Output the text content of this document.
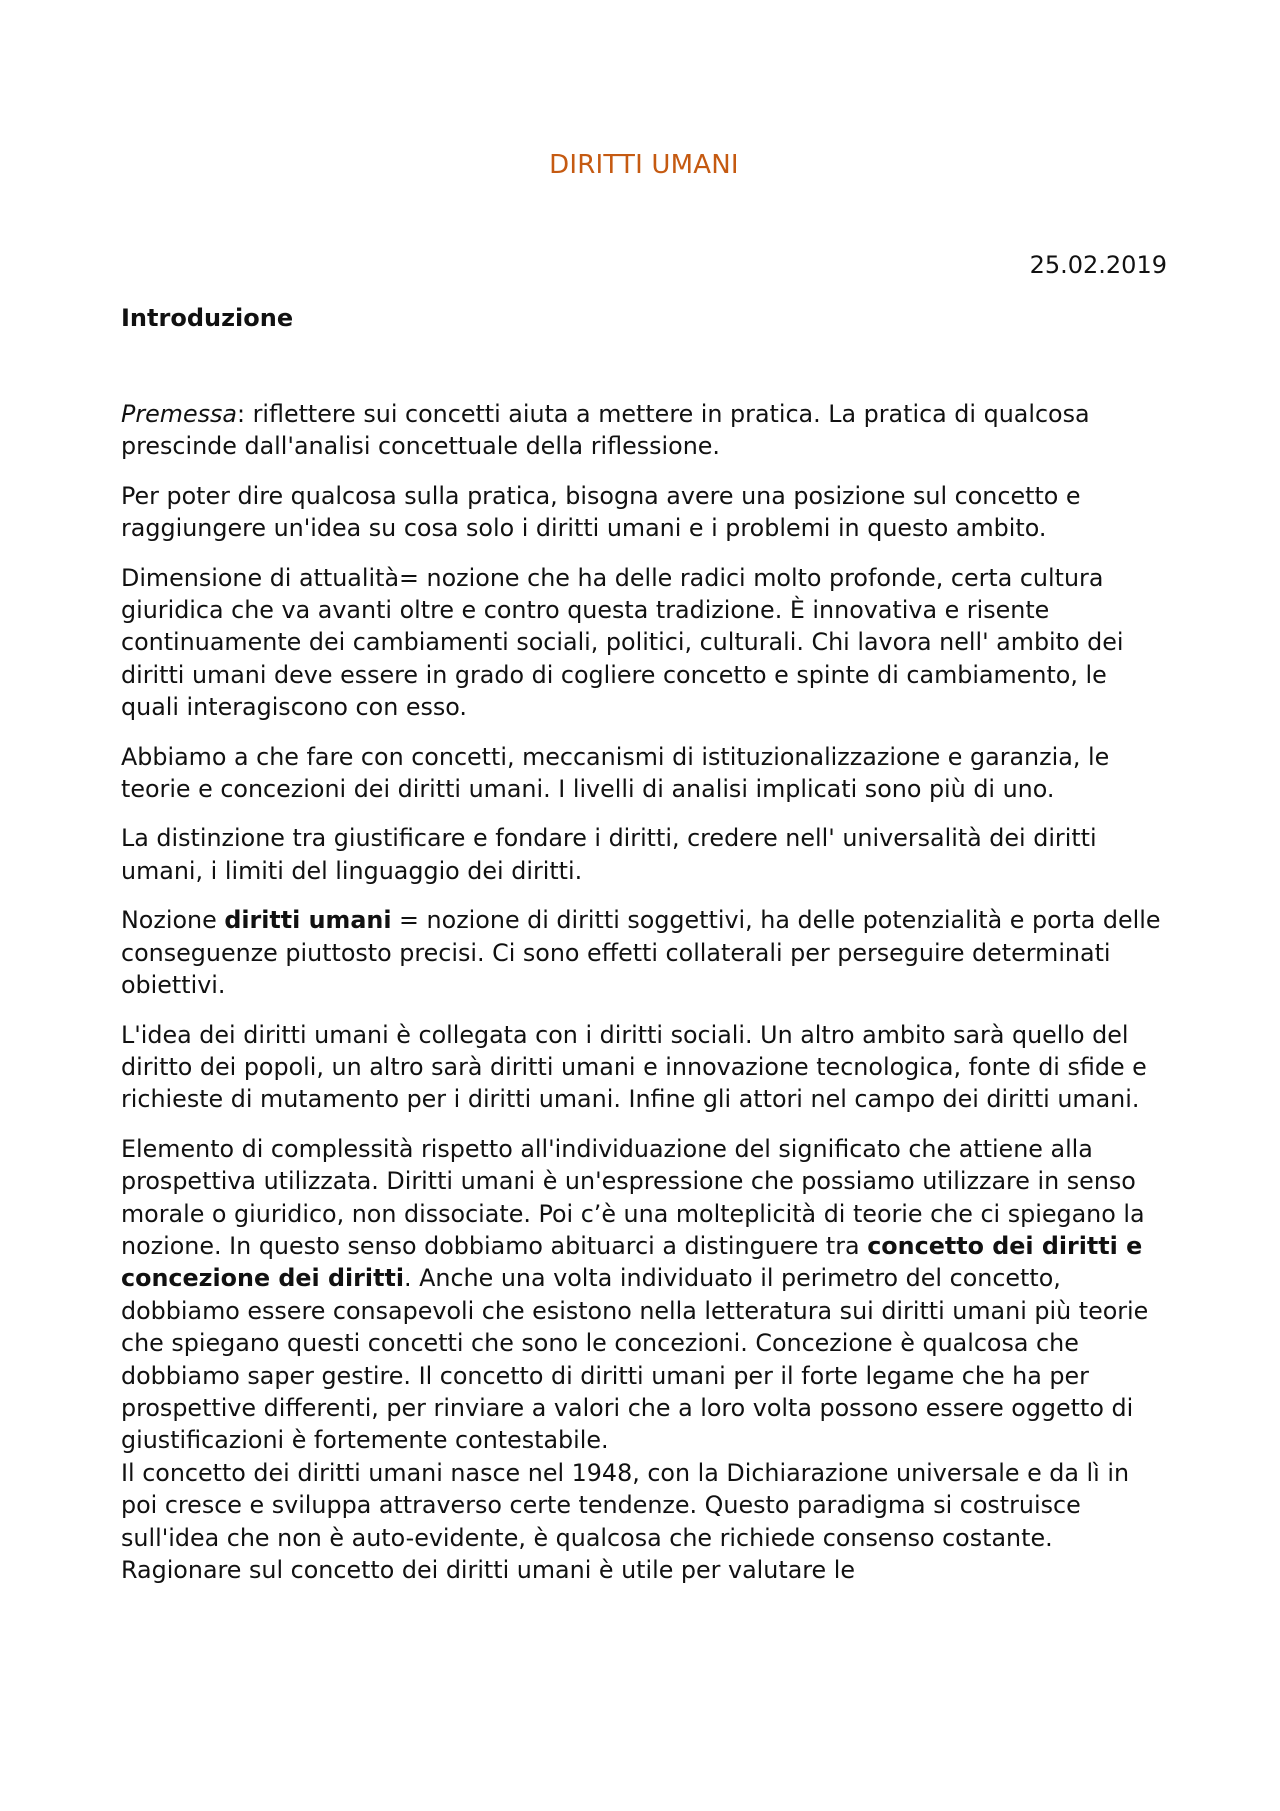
DIRITTI UMANI
25.02.2019
Introduzione

Premessa: riflettere sui concetti aiuta a mettere in pratica. La pratica di qualcosa prescinde dall'analisi concettuale della riflessione.

Per poter dire qualcosa sulla pratica, bisogna avere una posizione sul concetto e raggiungere un'idea su cosa solo i diritti umani e i problemi in questo ambito.

Dimensione di attualità= nozione che ha delle radici molto profonde, certa cultura giuridica che va avanti oltre e contro questa tradizione. È innovativa e risente continuamente dei cambiamenti sociali, politici, culturali. Chi lavora nell' ambito dei diritti umani deve essere in grado di cogliere concetto e spinte di cambiamento, le quali interagiscono con esso.

Abbiamo a che fare con concetti, meccanismi di istituzionalizzazione e garanzia, le teorie e concezioni dei diritti umani. I livelli di analisi implicati sono più di uno.

La distinzione tra giustificare e fondare i diritti, credere nell' universalità dei diritti umani, i limiti del linguaggio dei diritti.

Nozione diritti umani = nozione di diritti soggettivi, ha delle potenzialità e porta delle conseguenze piuttosto precisi. Ci sono effetti collaterali per perseguire determinati obiettivi.

L'idea dei diritti umani è collegata con i diritti sociali. Un altro ambito sarà quello del diritto dei popoli, un altro sarà diritti umani e innovazione tecnologica, fonte di sfide e richieste di mutamento per i diritti umani. Infine gli attori nel campo dei diritti umani.

Elemento di complessità rispetto all'individuazione del significato che attiene alla prospettiva utilizzata. Diritti umani è un'espressione che possiamo utilizzare in senso morale o giuridico, non dissociate. Poi c’è una molteplicità di teorie che ci spiegano la nozione. In questo senso dobbiamo abituarci a distinguere tra concetto dei diritti e concezione dei diritti. Anche una volta individuato il perimetro del concetto, dobbiamo essere consapevoli che esistono nella letteratura sui diritti umani più teorie che spiegano questi concetti che sono le concezioni. Concezione è qualcosa che dobbiamo saper gestire. Il concetto di diritti umani per il forte legame che ha per prospettive differenti, per rinviare a valori che a loro volta possono essere oggetto di giustificazioni è fortemente contestabile.

Il concetto dei diritti umani nasce nel 1948, con la Dichiarazione universale e da lì in poi cresce e sviluppa attraverso certe tendenze. Questo paradigma si costruisce sull'idea che non è auto-evidente, è qualcosa che richiede consenso costante. Ragionare sul concetto dei diritti umani è utile per valutare le
